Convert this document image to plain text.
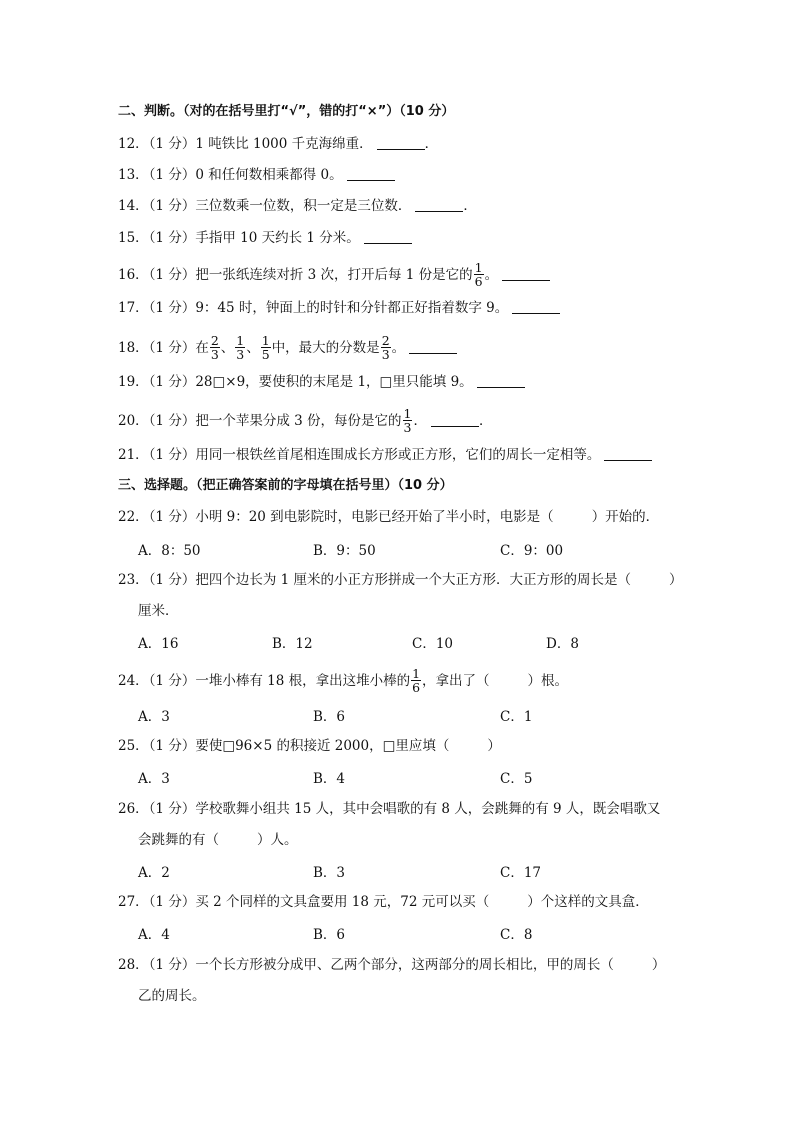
二、判断。（对的在括号里打“√”，错的打“×”）（10 分）
12．（1 分）1 吨铁比 1000 千克海绵重．	．
13．（1 分）0 和任何数相乘都得 0。
14．（1 分）三位数乘一位数，积一定是三位数．	．
15．（1 分）手指甲 10 天约长 1 分米。
16．（1 分）把一张纸连续对折 3 次，打开后每 1 份是它的 $\frac{1}{6}$ 。
17．（1 分）9：45 时，钟面上的时针和分针都正好指着数字 9。
18．（1 分）在 $\frac{2}{3}$ 、 $\frac{1}{3}$ 、 $\frac{1}{5}$ 中，最大的分数是 $\frac{2}{3}$ 。
19．（1 分）28□×9，要使积的末尾是 1，□里只能填 9。
20．（1 分）把一个苹果分成 3 份，每份是它的 $\frac{1}{3}$ ．	．
21．（1 分）用同一根铁丝首尾相连围成长方形或正方形，它们的周长一定相等。
三、选择题。（把正确答案前的字母填在括号里）（10 分）
22．（1 分）小明 9：20 到电影院时，电影已经开始了半小时，电影是（	）开始的．
A．8：50	B．9：50	C．9：00
23．（1 分）把四个边长为 1 厘米的小正方形拼成一个大正方形．大正方形的周长是（	）
厘米．
A．16	B．12	C．10	D．8
24．（1 分）一堆小棒有 18 根，拿出这堆小棒的 $\frac{1}{6}$ ，拿出了（	）根。
A．3	B．6	C．1
25．（1 分）要使□96×5 的积接近 2000，□里应填（	）
A．3	B．4	C．5
26．（1 分）学校歌舞小组共 15 人，其中会唱歌的有 8 人，会跳舞的有 9 人，既会唱歌又
会跳舞的有（	）人。
A．2	B．3	C．17
27．（1 分）买 2 个同样的文具盒要用 18 元，72 元可以买（	）个这样的文具盒．
A．4	B．6	C．8
28．（1 分）一个长方形被分成甲、乙两个部分，这两部分的周长相比，甲的周长（	）
乙的周长。
